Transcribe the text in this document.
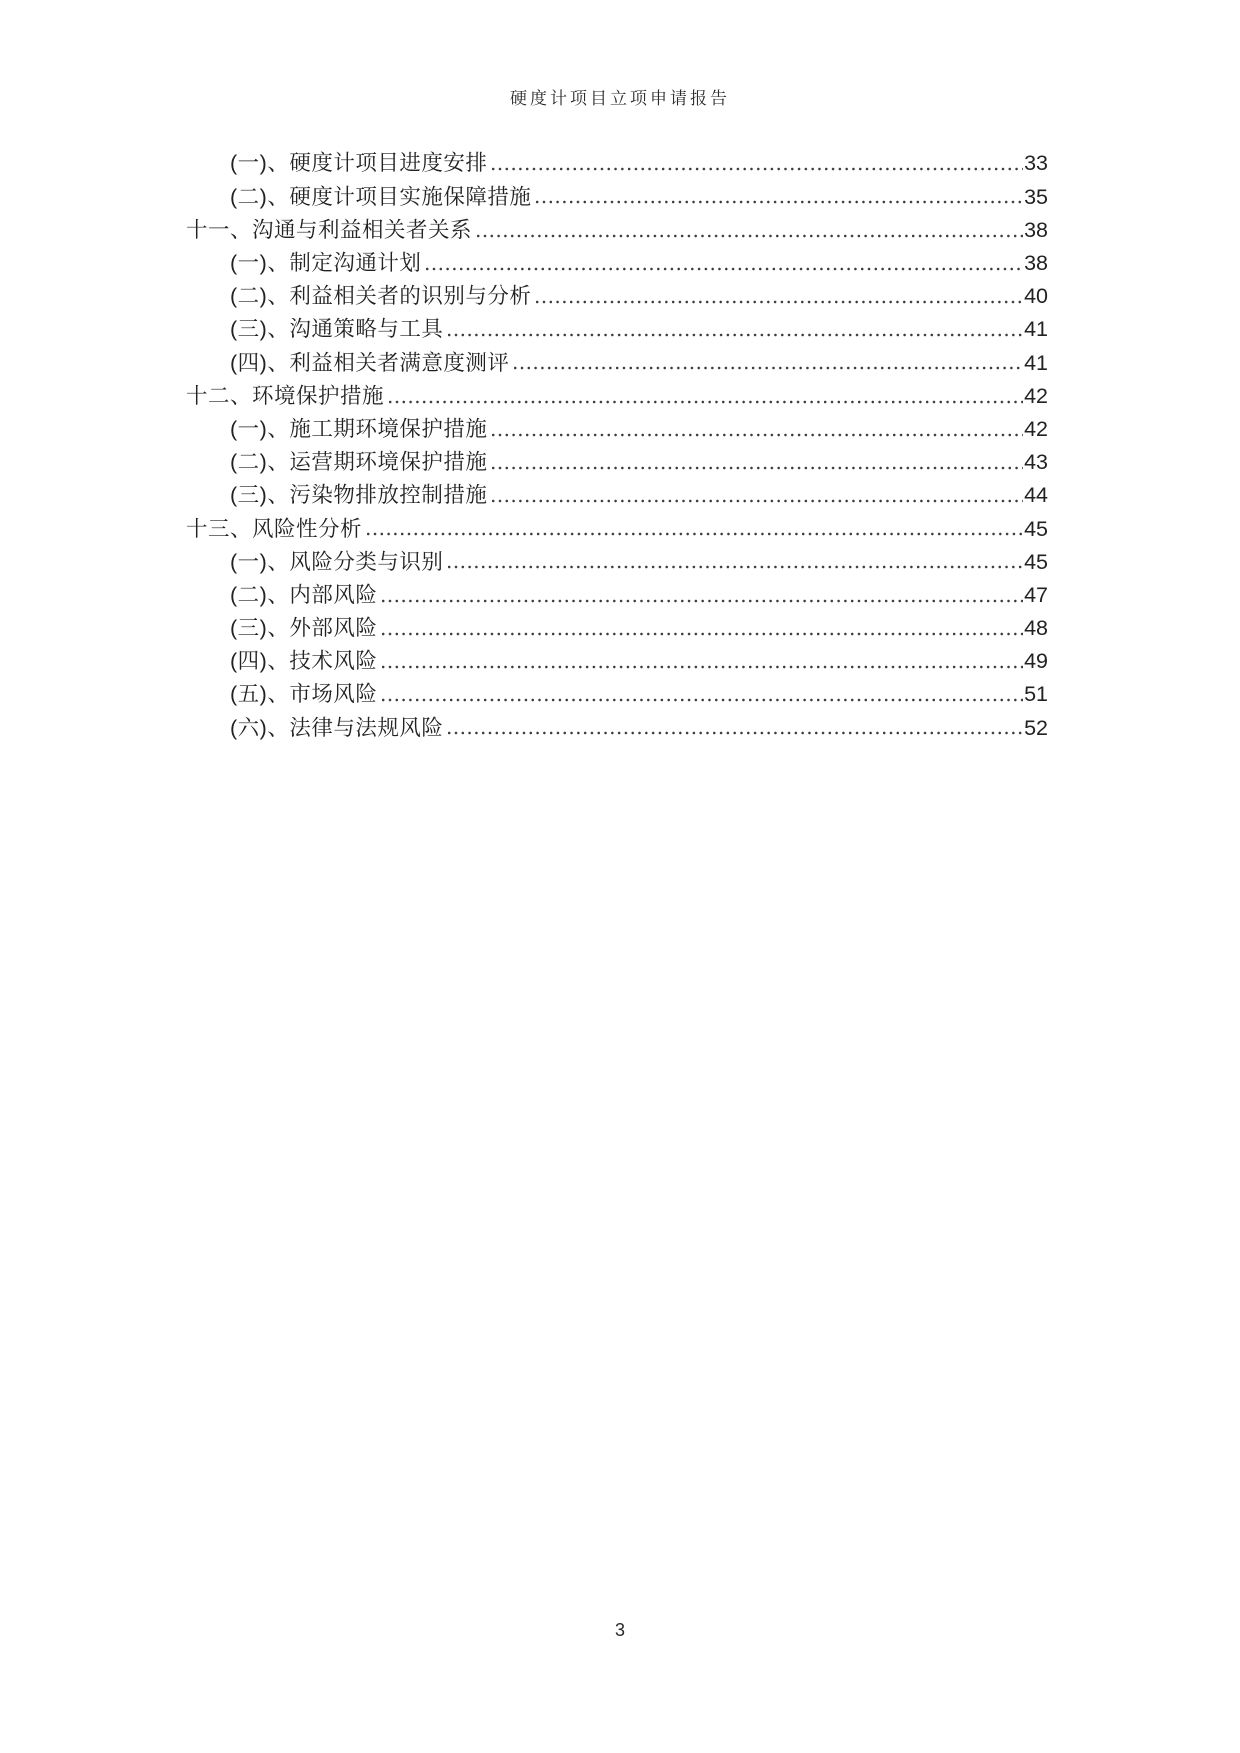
硬度计项目立项申请报告
(一)、硬度计项目进度安排	33
(二)、硬度计项目实施保障措施	35
十一、沟通与利益相关者关系	38
(一)、制定沟通计划	38
(二)、利益相关者的识别与分析	40
(三)、沟通策略与工具	41
(四)、利益相关者满意度测评	41
十二、环境保护措施	42
(一)、施工期环境保护措施	42
(二)、运营期环境保护措施	43
(三)、污染物排放控制措施	44
十三、风险性分析	45
(一)、风险分类与识别	45
(二)、内部风险	47
(三)、外部风险	48
(四)、技术风险	49
(五)、市场风险	51
(六)、法律与法规风险	52
3
